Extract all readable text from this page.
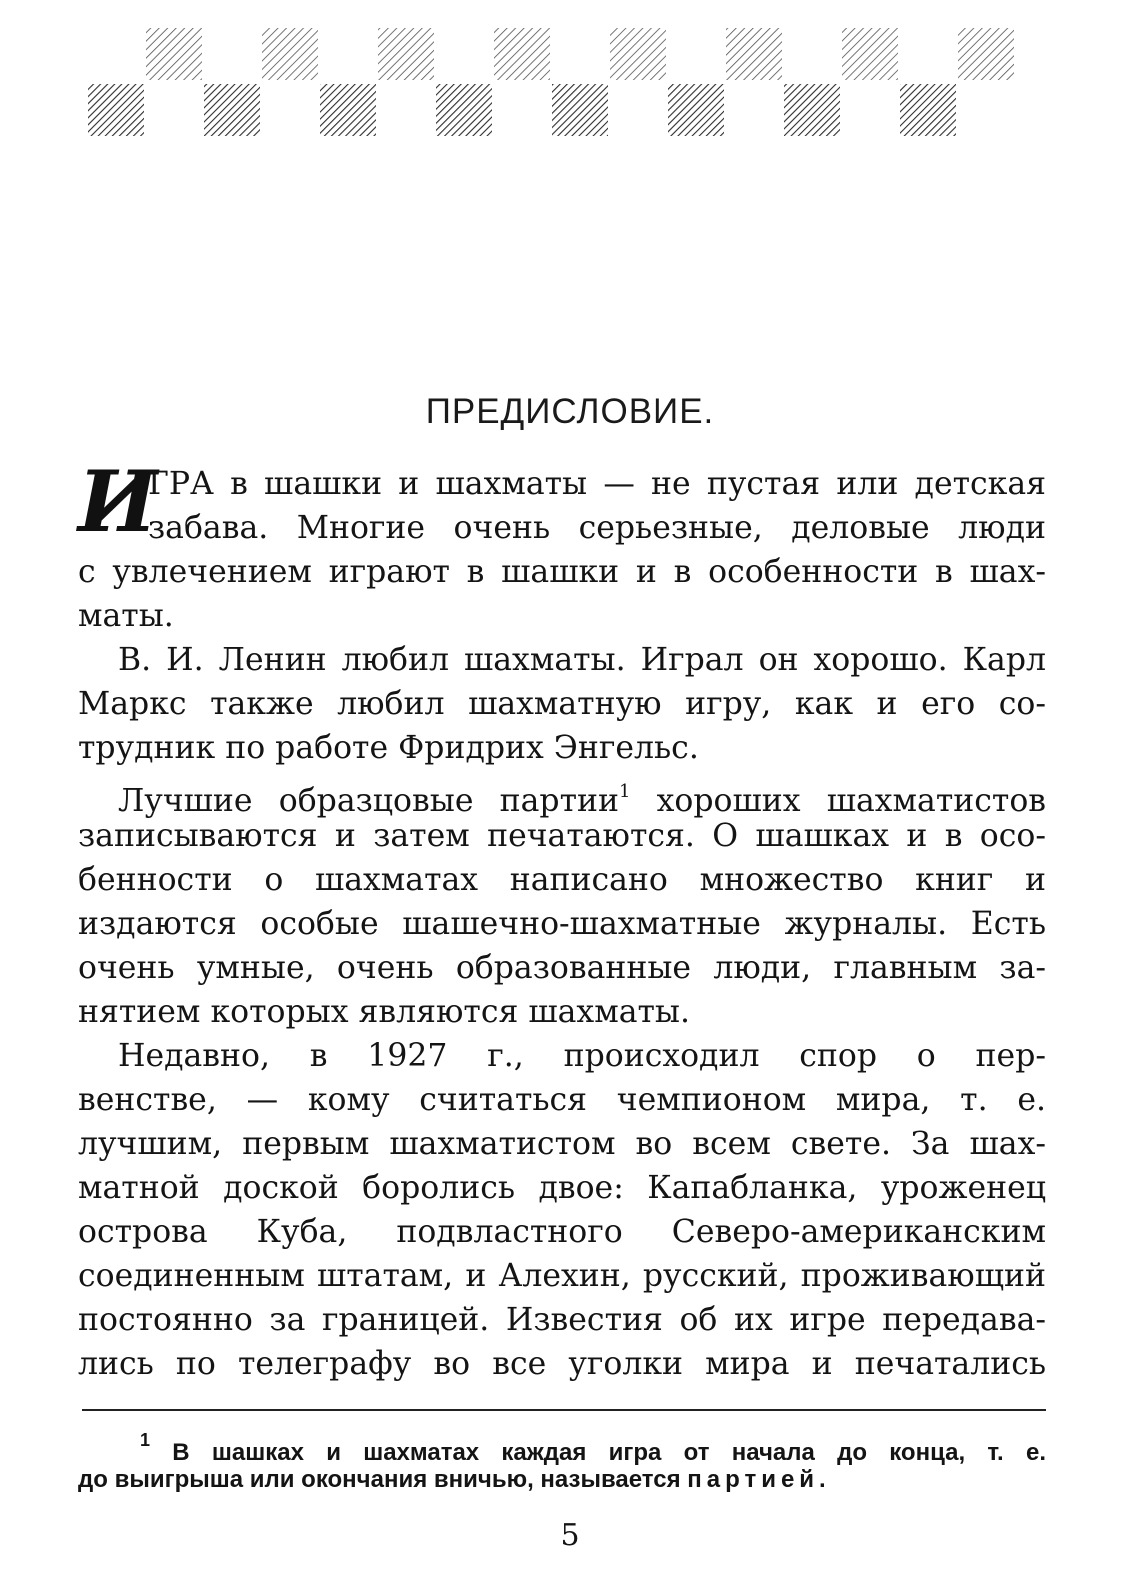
ПРЕДИСЛОВИЕ.
И
ГРА в шашки и шахматы — не пустая или детская
забава. Многие очень серьезные, деловые люди
с увлечением играют в шашки и в особенности в шах-
маты.
В. И. Ленин любил шахматы. Играл он хорошо. Карл
Маркс также любил шахматную игру, как и его со-
трудник по работе Фридрих Энгельс.
Лучшие образцовые партии$^1$ хороших шахматистов
записываются и затем печатаются. О шашках и в осо-
бенности о шахматах написано множество книг и
издаются особые шашечно-шахматные журналы. Есть
очень умные, очень образованные люди, главным за-
нятием которых являются шахматы.
Недавно, в 1927 г., происходил спор о пер-
венстве, — кому считаться чемпионом мира, т. е.
лучшим, первым шахматистом во всем свете. За шах-
матной доской боролись двое: Капабланка, уроженец
острова Куба, подвластного Северо-американским
соединенным штатам, и Алехин, русский, проживающий
постоянно за границей. Известия об их игре передава-
лись по телеграфу во все уголки мира и печатались
$^1$ В шашках и шахматах каждая игра от начала до конца, т. е.
до выигрыша или окончания вничью, называется партией.
5
